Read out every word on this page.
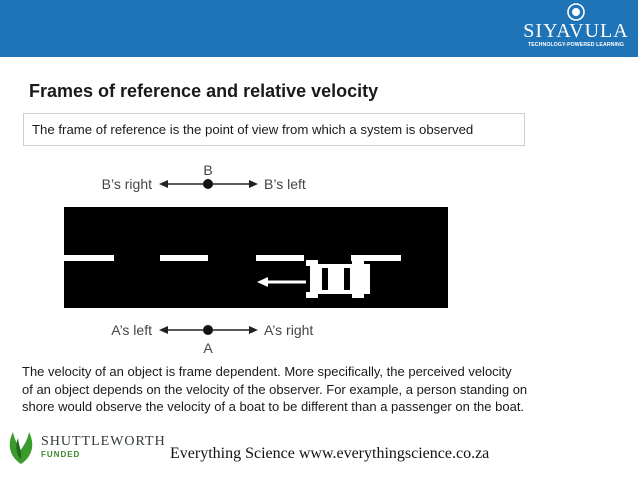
SIYAVULA
TECHNOLOGY-POWERED LEARNING
Frames of reference and relative velocity
The frame of reference is the point of view from which a system is observed
B
B’s right	B’s left
A
A’s left	A’s right

The velocity of an object is frame dependent. More specifically, the perceived velocity
of an object depends on the velocity of the observer. For example, a person standing on
shore would observe the velocity of a boat to be different than a passenger on the boat.

SHUTTLEWORTH
FUNDED	Everything Science www.everythingscience.co.za
